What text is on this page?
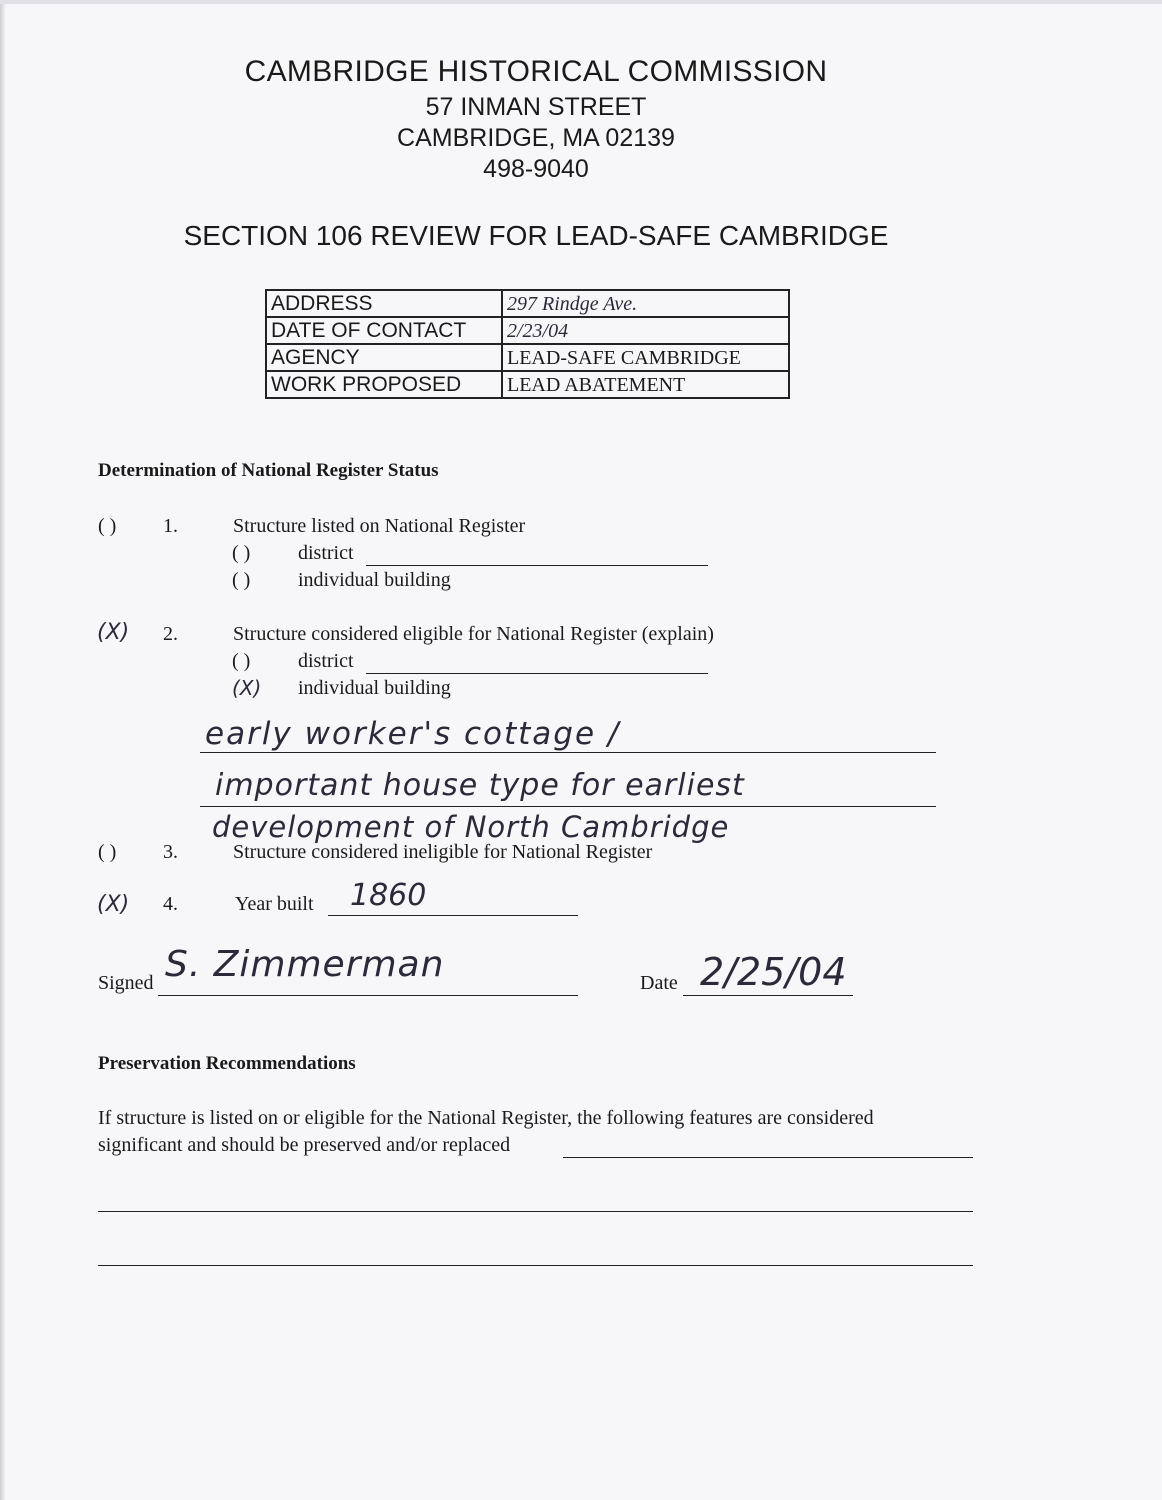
CAMBRIDGE HISTORICAL COMMISSION
57 INMAN STREET
CAMBRIDGE, MA 02139
498-9040
SECTION 106 REVIEW FOR LEAD-SAFE CAMBRIDGE
ADDRESS	297 Rindge Ave.
DATE OF CONTACT	2/23/04
AGENCY	LEAD-SAFE CAMBRIDGE
WORK PROPOSED	LEAD ABATEMENT
Determination of National Register Status
( ) 1.	Structure listed on National Register
( ) district
( ) individual building
(X) 2.	Structure considered eligible for National Register (explain)
( ) district
(X) individual building
early worker's cottage /
important house type for earliest
development of North Cambridge
( ) 3.	Structure considered ineligible for National Register
(X) 4.	Year built 1860
Signed S. Zimmerman	Date 2/25/04
Preservation Recommendations
If structure is listed on or eligible for the National Register, the following features are considered
significant and should be preserved and/or replaced
